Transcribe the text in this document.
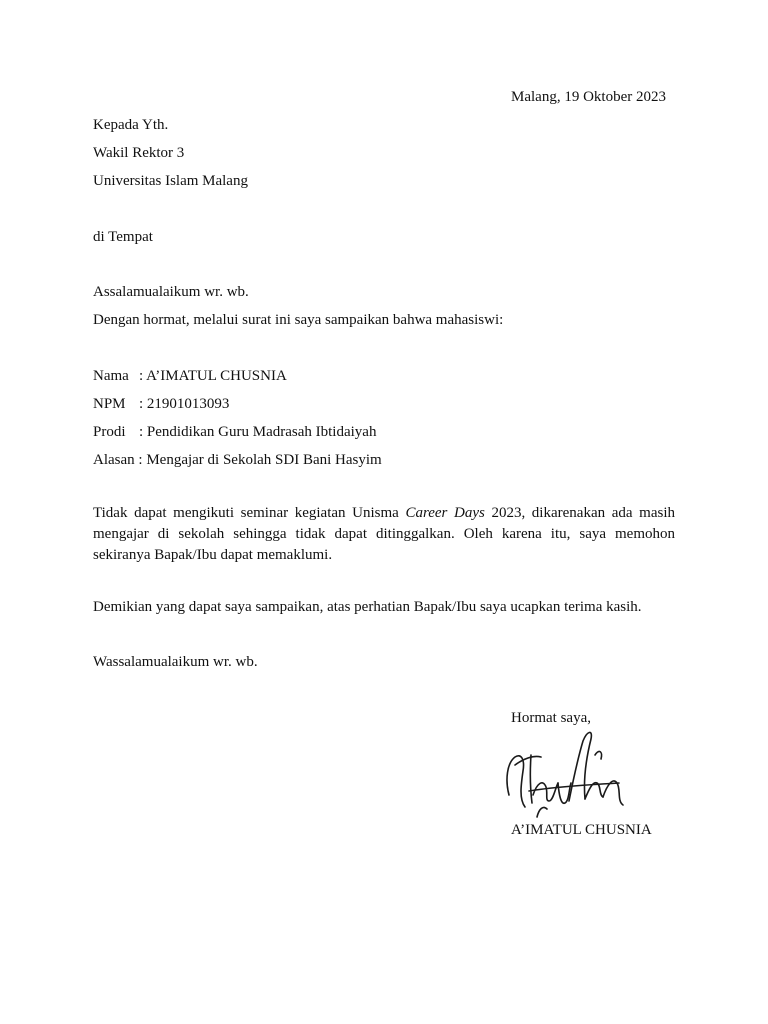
Malang, 19 Oktober 2023
Kepada Yth.
Wakil Rektor 3
Universitas Islam Malang
di Tempat
Assalamualaikum wr. wb.
Dengan hormat, melalui surat ini saya sampaikan bahwa mahasiswi:
Nama : A’IMATUL CHUSNIA
NPM : 21901013093
Prodi : Pendidikan Guru Madrasah Ibtidaiyah
Alasan : Mengajar di Sekolah SDI Bani Hasyim
Tidak dapat mengikuti seminar kegiatan Unisma Career Days 2023, dikarenakan ada masih mengajar di sekolah sehingga tidak dapat ditinggalkan. Oleh karena itu, saya memohon sekiranya Bapak/Ibu dapat memaklumi.
Demikian yang dapat saya sampaikan, atas perhatian Bapak/Ibu saya ucapkan terima kasih.
Wassalamualaikum wr. wb.
Hormat saya,
A’IMATUL CHUSNIA
